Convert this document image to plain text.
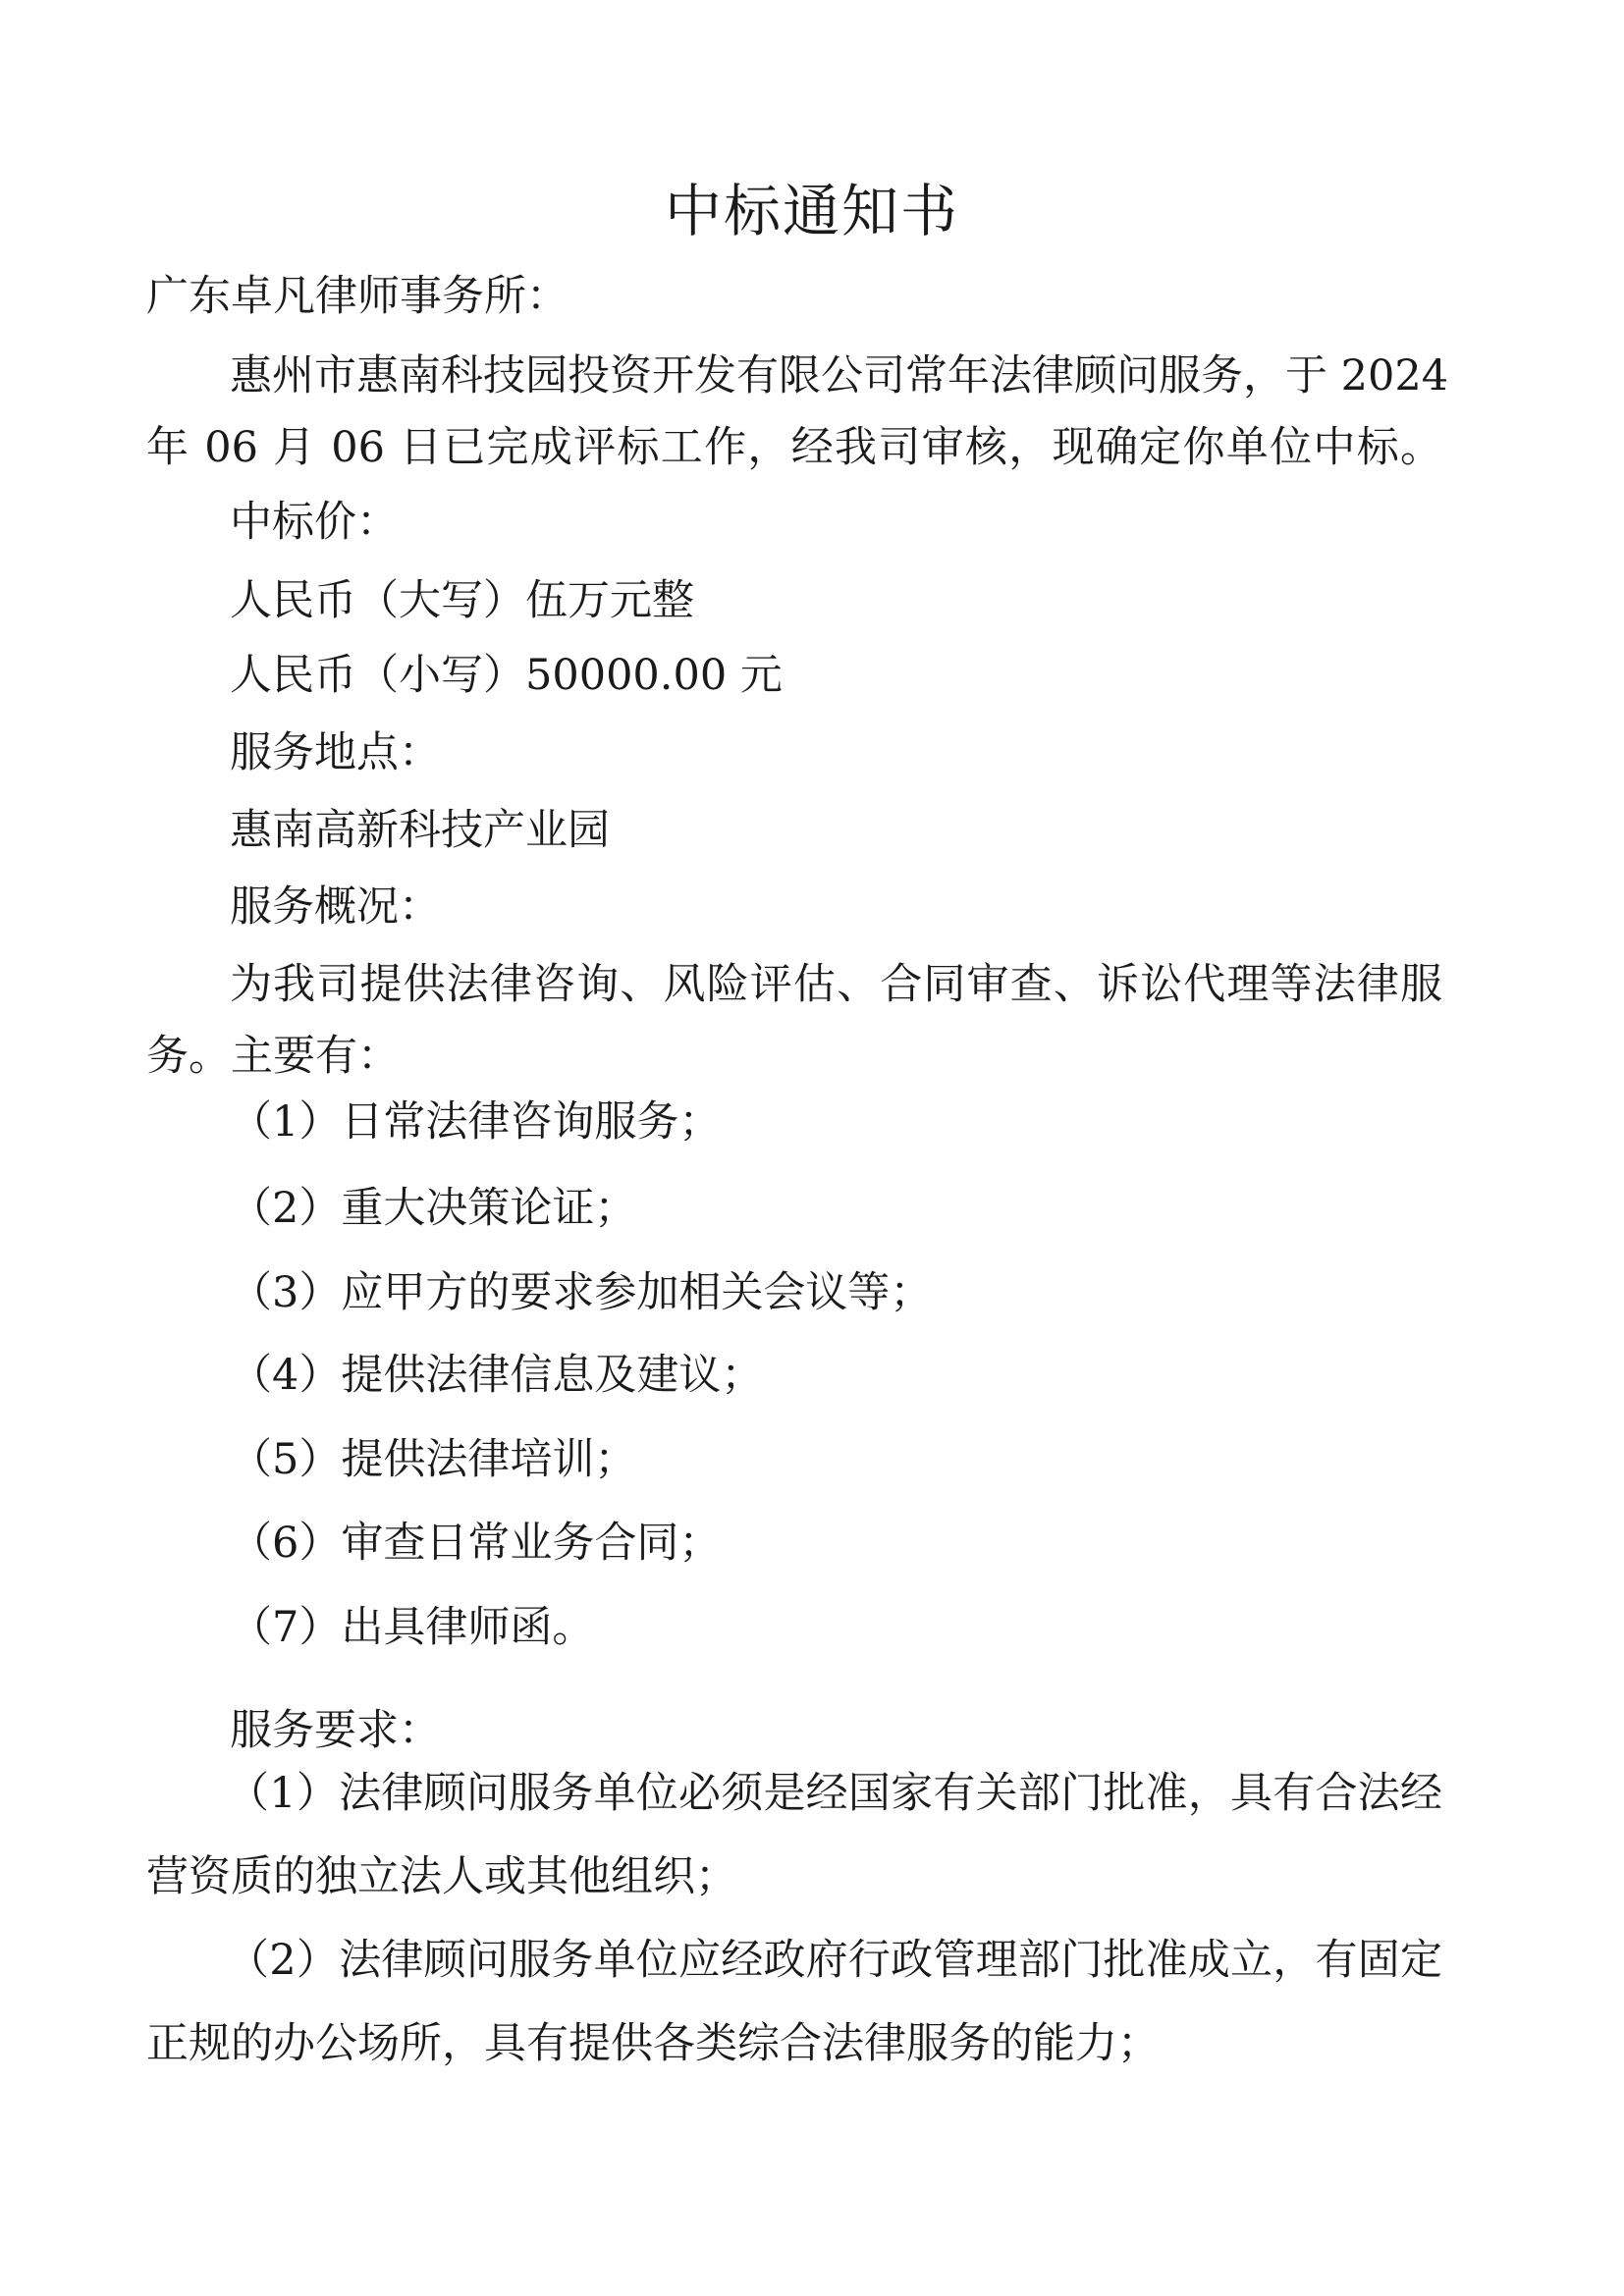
中标通知书
广东卓凡律师事务所：
惠州市惠南科技园投资开发有限公司常年法律顾问服务，于 2024
年 06 月 06 日已完成评标工作，经我司审核，现确定你单位中标。
中标价：
人民币（大写）伍万元整
人民币（小写）50000.00 元
服务地点：
惠南高新科技产业园
服务概况：
为我司提供法律咨询、风险评估、合同审查、诉讼代理等法律服
务。主要有：
（1）日常法律咨询服务；
（2）重大决策论证；
（3）应甲方的要求参加相关会议等；
（4）提供法律信息及建议；
（5）提供法律培训；
（6）审查日常业务合同；
（7）出具律师函。
服务要求：
（1）法律顾问服务单位必须是经国家有关部门批准，具有合法经
营资质的独立法人或其他组织；
（2）法律顾问服务单位应经政府行政管理部门批准成立，有固定
正规的办公场所，具有提供各类综合法律服务的能力；
